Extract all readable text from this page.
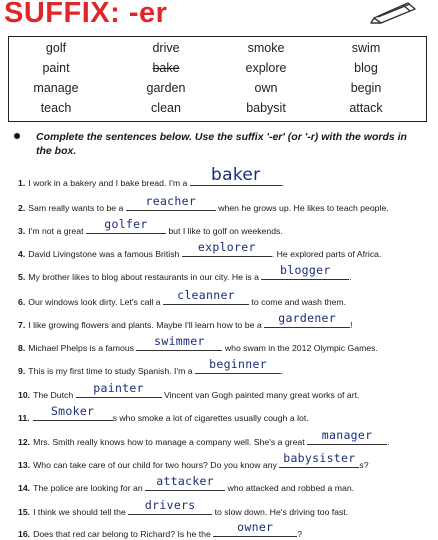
SUFFIX: -er
golf	drive	smoke	swim
paint	bake	explore	blog
manage	garden	own	begin
teach	clean	babysit	attack
Complete the sentences below. Use the suffix '-er' (or '-r) with the words in the box.
1. I work in a bakery and I bake bread. I'm a	baker	.
2. Sam really wants to be a	reacher	when he grows up. He likes to teach people.
3. I'm not a great	golfer	but I like to golf on weekends.
4. David Livingstone was a famous British	explorer	. He explored parts of Africa.
5. My brother likes to blog about restaurants in our city. He is a	blogger	.
6. Our windows look dirty. Let's call a	cleanner	to come and wash them.
7. I like growing flowers and plants. Maybe I'll learn how to be a	gardener	!
8. Michael Phelps is a famous	swimmer	who swam in the 2012 Olympic Games.
9. This is my first time to study Spanish. I'm a	beginner	.
10. The Dutch	painter	Vincent van Gogh painted many great works of art.
11.	Smoker	s who smoke a lot of cigarettes usually cough a lot.
12. Mrs. Smith really knows how to manage a company well. She's a great	manager	.
13. Who can take care of our child for two hours? Do you know any babysister s?
14. The police are looking for an attacker	who attacked and robbed a man.
15. I think we should tell the	drivers	to slow down. He's driving too fast.
16. Does that red car belong to Richard? Is he the	owner	?
